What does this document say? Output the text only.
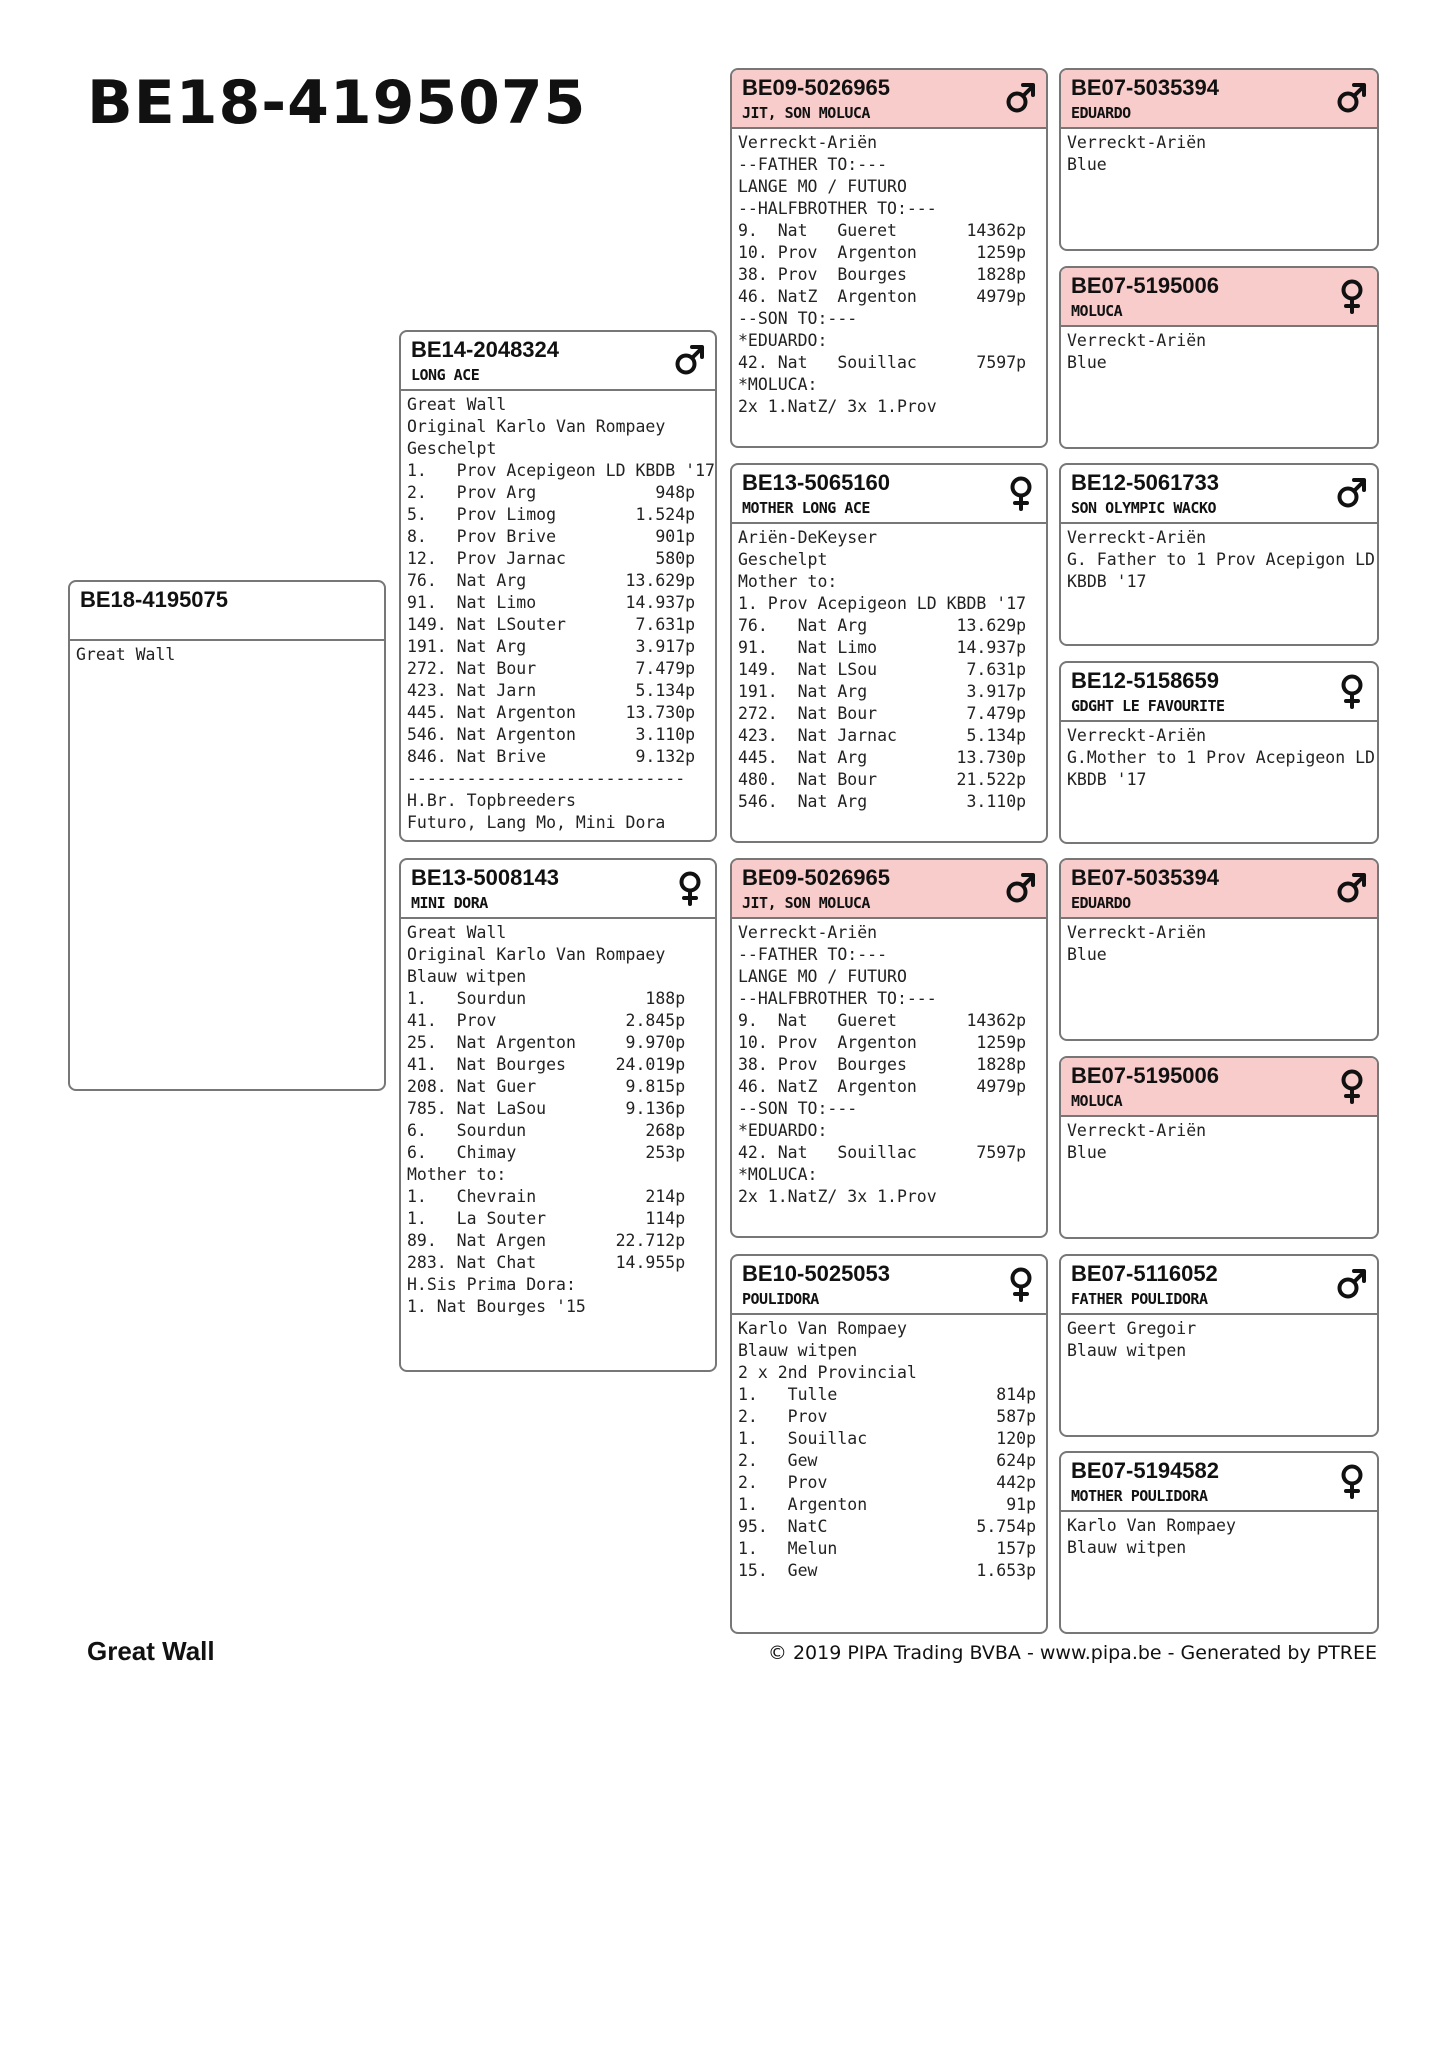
BE18-4195075
BE18-4195075
Great Wall
BE14-2048324
LONG ACE
Great Wall
Original Karlo Van Rompaey
Geschelpt
1.   Prov Acepigeon LD KBDB '17
2.   Prov Arg            948p
5.   Prov Limog        1.524p
8.   Prov Brive          901p
12.  Prov Jarnac         580p
76.  Nat Arg          13.629p
91.  Nat Limo         14.937p
149. Nat LSouter       7.631p
191. Nat Arg           3.917p
272. Nat Bour          7.479p
423. Nat Jarn          5.134p
445. Nat Argenton     13.730p
546. Nat Argenton      3.110p
846. Nat Brive         9.132p
----------------------------
H.Br. Topbreeders
Futuro, Lang Mo, Mini Dora
BE13-5008143
MINI DORA
Great Wall
Original Karlo Van Rompaey
Blauw witpen
1.   Sourdun            188p
41.  Prov             2.845p
25.  Nat Argenton     9.970p
41.  Nat Bourges     24.019p
208. Nat Guer         9.815p
785. Nat LaSou        9.136p
6.   Sourdun            268p
6.   Chimay             253p
Mother to:
1.   Chevrain           214p
1.   La Souter          114p
89.  Nat Argen       22.712p
283. Nat Chat        14.955p
H.Sis Prima Dora:
1. Nat Bourges '15
BE09-5026965
JIT, SON MOLUCA
Verreckt-Ariën
--FATHER TO:---
LANGE MO / FUTURO
--HALFBROTHER TO:---
9.  Nat   Gueret       14362p
10. Prov  Argenton      1259p
38. Prov  Bourges       1828p
46. NatZ  Argenton      4979p
--SON TO:---
*EDUARDO:
42. Nat   Souillac      7597p
*MOLUCA:
2x 1.NatZ/ 3x 1.Prov
BE13-5065160
MOTHER LONG ACE
Ariën-DeKeyser
Geschelpt
Mother to:
1. Prov Acepigeon LD KBDB '17
76.   Nat Arg         13.629p
91.   Nat Limo        14.937p
149.  Nat LSou         7.631p
191.  Nat Arg          3.917p
272.  Nat Bour         7.479p
423.  Nat Jarnac       5.134p
445.  Nat Arg         13.730p
480.  Nat Bour        21.522p
546.  Nat Arg          3.110p
BE09-5026965
JIT, SON MOLUCA
Verreckt-Ariën
--FATHER TO:---
LANGE MO / FUTURO
--HALFBROTHER TO:---
9.  Nat   Gueret       14362p
10. Prov  Argenton      1259p
38. Prov  Bourges       1828p
46. NatZ  Argenton      4979p
--SON TO:---
*EDUARDO:
42. Nat   Souillac      7597p
*MOLUCA:
2x 1.NatZ/ 3x 1.Prov
BE10-5025053
POULIDORA
Karlo Van Rompaey
Blauw witpen
2 x 2nd Provincial
1.   Tulle                814p
2.   Prov                 587p
1.   Souillac             120p
2.   Gew                  624p
2.   Prov                 442p
1.   Argenton              91p
95.  NatC               5.754p
1.   Melun                157p
15.  Gew                1.653p
BE07-5035394
EDUARDO
Verreckt-Ariën
Blue
BE07-5195006
MOLUCA
Verreckt-Ariën
Blue
BE12-5061733
SON OLYMPIC WACKO
Verreckt-Ariën
G. Father to 1 Prov Acepigon LD
KBDB '17
BE12-5158659
GDGHT LE FAVOURITE
Verreckt-Ariën
G.Mother to 1 Prov Acepigeon LD
KBDB '17
BE07-5035394
EDUARDO
Verreckt-Ariën
Blue
BE07-5195006
MOLUCA
Verreckt-Ariën
Blue
BE07-5116052
FATHER POULIDORA
Geert Gregoir
Blauw witpen
BE07-5194582
MOTHER POULIDORA
Karlo Van Rompaey
Blauw witpen
Great Wall	© 2019 PIPA Trading BVBA - www.pipa.be - Generated by PTREE
